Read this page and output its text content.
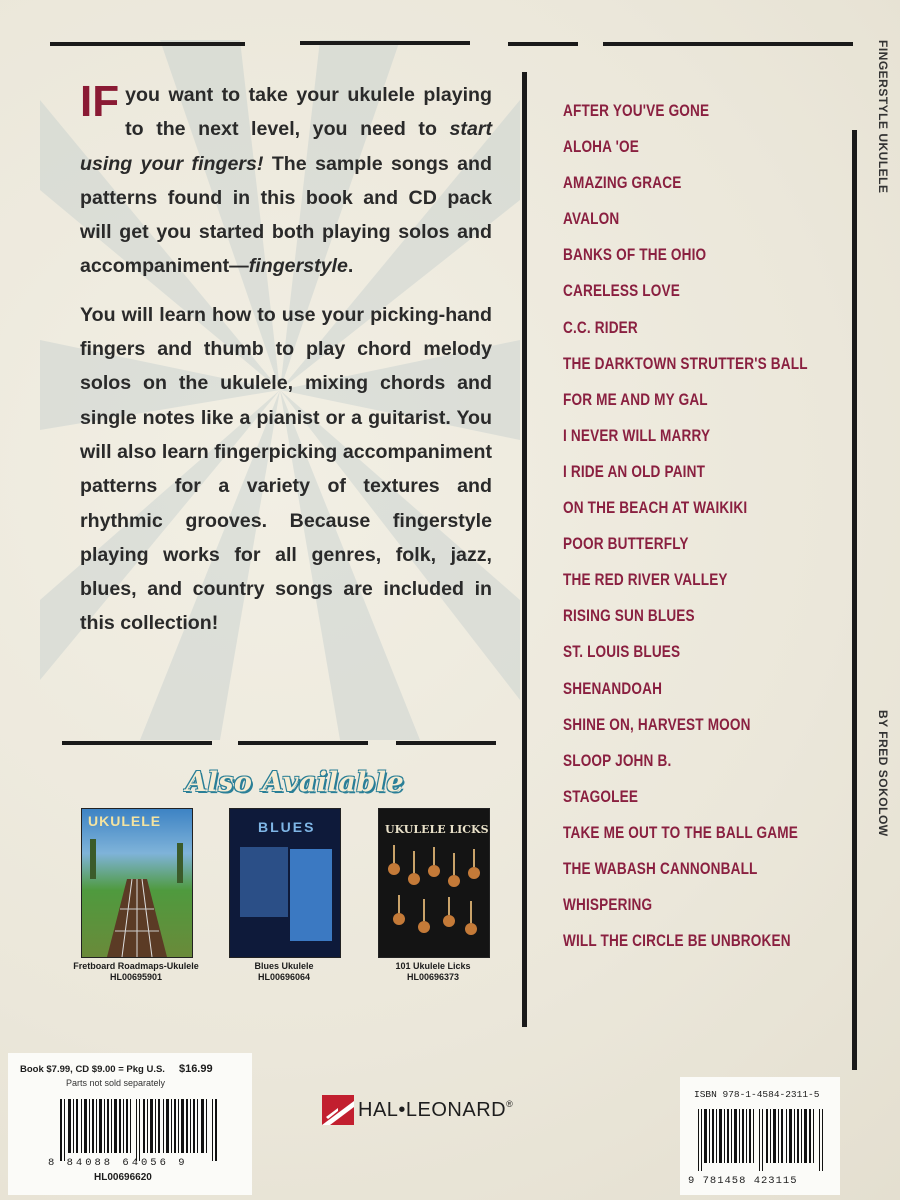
IF you want to take your ukulele playing to the next level, you need to start using your fingers! The sample songs and patterns found in this book and CD pack will get you started both playing solos and accompaniment—fingerstyle.

You will learn how to use your picking-hand fingers and thumb to play chord melody solos on the ukulele, mixing chords and single notes like a pianist or a guitarist. You will also learn fingerpicking accompaniment patterns for a variety of textures and rhythmic grooves. Because fingerstyle playing works for all genres, folk, jazz, blues, and country songs are included in this collection!

Also Available
UKULELE
Fretboard Roadmaps-Ukulele
HL00695901
BLUES
Blues Ukulele
HL00696064
UKULELE LICKS
101 Ukulele Licks
HL00696373
AFTER YOU'VE GONE
ALOHA 'OE
AMAZING GRACE
AVALON
BANKS OF THE OHIO
CARELESS LOVE
C.C. RIDER
THE DARKTOWN STRUTTER'S BALL
FOR ME AND MY GAL
I NEVER WILL MARRY
I RIDE AN OLD PAINT
ON THE BEACH AT WAIKIKI
POOR BUTTERFLY
THE RED RIVER VALLEY
RISING SUN BLUES
ST. LOUIS BLUES
SHENANDOAH
SHINE ON, HARVEST MOON
SLOOP JOHN B.
STAGOLEE
TAKE ME OUT TO THE BALL GAME
THE WABASH CANNONBALL
WHISPERING
WILL THE CIRCLE BE UNBROKEN
FINGERSTYLE UKULELE
BY FRED SOKOLOW
Book $7.99, CD $9.00 = Pkg U.S. $16.99
Parts not sold separately
8 84088 64056 9
HL00696620
HAL•LEONARD®
ISBN 978-1-4584-2311-5
9 781458 423115
